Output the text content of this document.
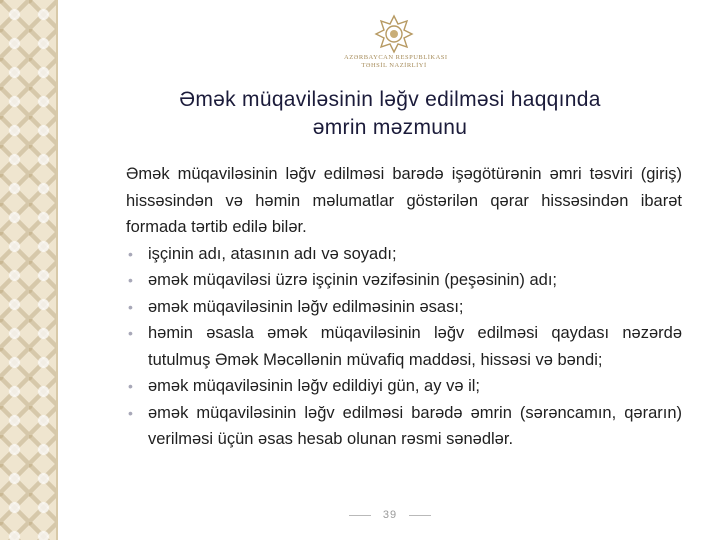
AZƏRBAYCAN RESPUBLİKASI
TƏHSİL NAZİRLİYİ
Əmək müqaviləsinin ləğv edilməsi haqqında
əmrin məzmunu

Əmək müqaviləsinin ləğv edilməsi barədə işəgötürənin əmri təsviri (giriş) hissəsindən və həmin məlumatlar göstərilən qərar hissəsindən ibarət formada tərtib edilə bilər.

• işçinin adı, atasının adı və soyadı;
• əmək müqaviləsi üzrə işçinin vəzifəsinin (peşəsinin) adı;
• əmək müqaviləsinin ləğv edilməsinin əsası;
• həmin əsasla əmək müqaviləsinin ləğv edilməsi qaydası nəzərdə tutulmuş Əmək Məcəllənin müvafiq maddəsi, hissəsi və bəndi;
• əmək müqaviləsinin ləğv edildiyi gün, ay və il;
• əmək müqaviləsinin ləğv edilməsi barədə əmrin (sərəncamın, qərarın) verilməsi üçün əsas hesab olunan rəsmi sənədlər.
39
